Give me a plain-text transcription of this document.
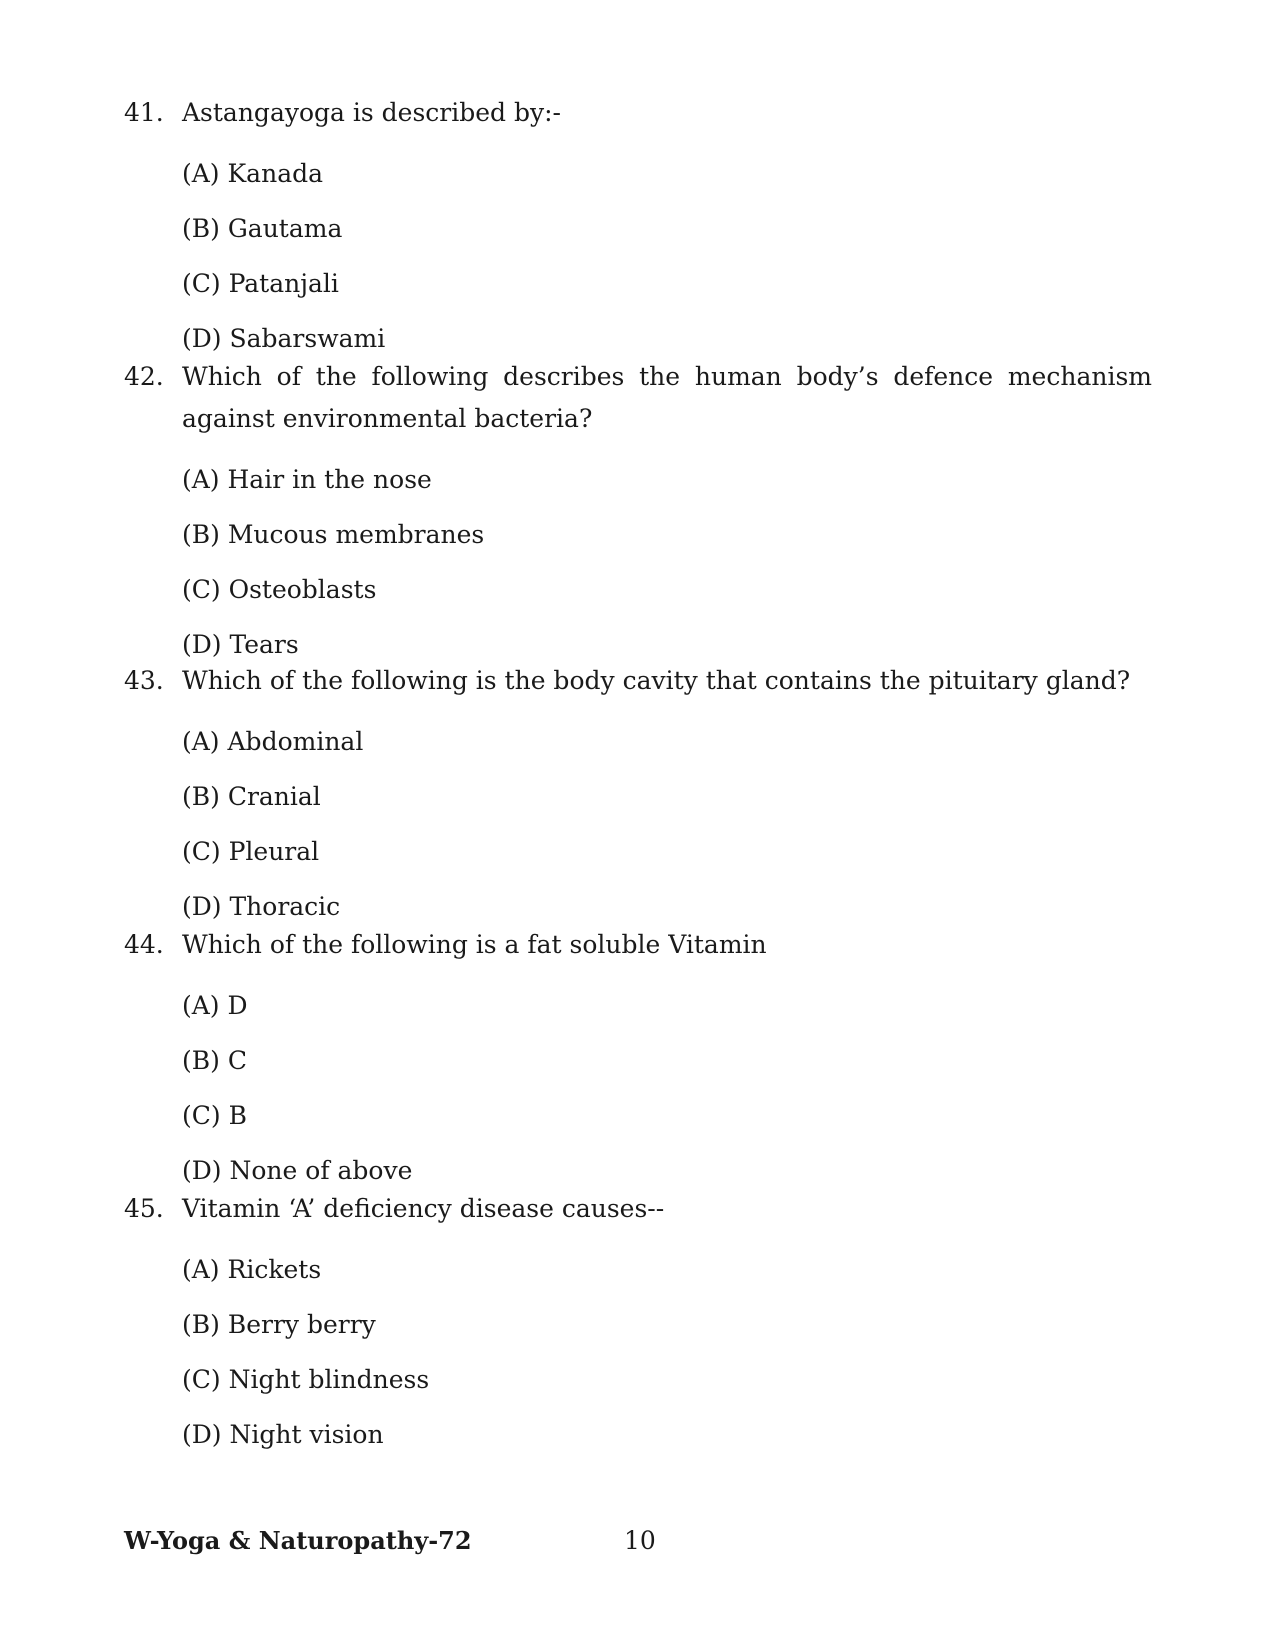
41. Astangayoga is described by:-
(A) Kanada
(B) Gautama
(C) Patanjali
(D) Sabarswami
42. Which of the following describes the human body’s defence mechanism against environmental bacteria?
(A) Hair in the nose
(B) Mucous membranes
(C) Osteoblasts
(D) Tears
43. Which of the following is the body cavity that contains the pituitary gland?
(A) Abdominal
(B) Cranial
(C) Pleural
(D) Thoracic
44. Which of the following is a fat soluble Vitamin
(A) D
(B) C
(C) B
(D) None of above
45. Vitamin ‘A’ deficiency disease causes--
(A) Rickets
(B) Berry berry
(C) Night blindness
(D) Night vision
W-Yoga & Naturopathy-72	10
